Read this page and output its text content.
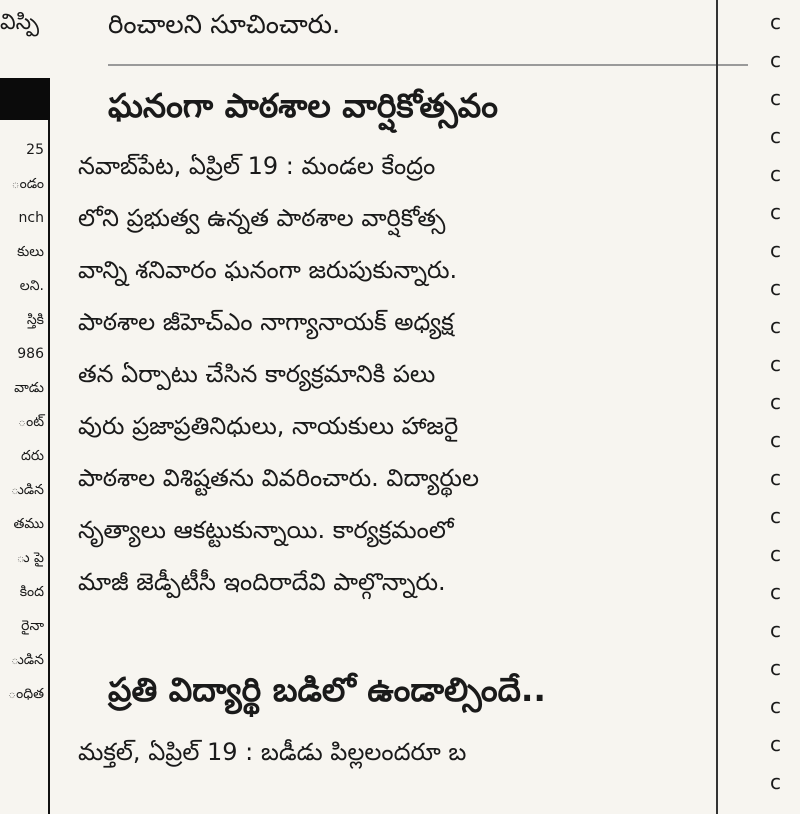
విస్పి
25
ండం
nch
కులు
లని.
స్తికి
986
వాడు
ంట్
దరు
ుడిన
తము
ు పై
కింద
రైనా
ుడిన
ంధిత
రించాలని సూచించారు.
ఘనంగా పాఠశాల వార్షికోత్సవం
నవాబ్‌పేట, ఏప్రిల్ 19 : మండల కేంద్రం
లోని ప్రభుత్వ ఉన్నత పాఠశాల వార్షికోత్స
వాన్ని శనివారం ఘనంగా జరుపుకున్నారు.
పాఠశాల జీహెచ్ఎం నాగ్యానాయక్ అధ్యక్ష
తన ఏర్పాటు చేసిన కార్యక్రమానికి పలు
వురు ప్రజాప్రతినిధులు, నాయకులు హాజరై
పాఠశాల విశిష్టతను వివరించారు. విద్యార్థుల
నృత్యాలు ఆకట్టుకున్నాయి. కార్యక్రమంలో
మాజీ జెడ్పీటీసీ ఇందిరాదేవి పాల్గొన్నారు.
ప్రతి విద్యార్థి బడిలో ఉండాల్సిందే..
మక్తల్, ఏప్రిల్ 19 : బడీడు పిల్లలందరూ బ
c
c
c
c
c
c
c
c
c
c
c
c
c
c
c
c
c
c
c
c
c
